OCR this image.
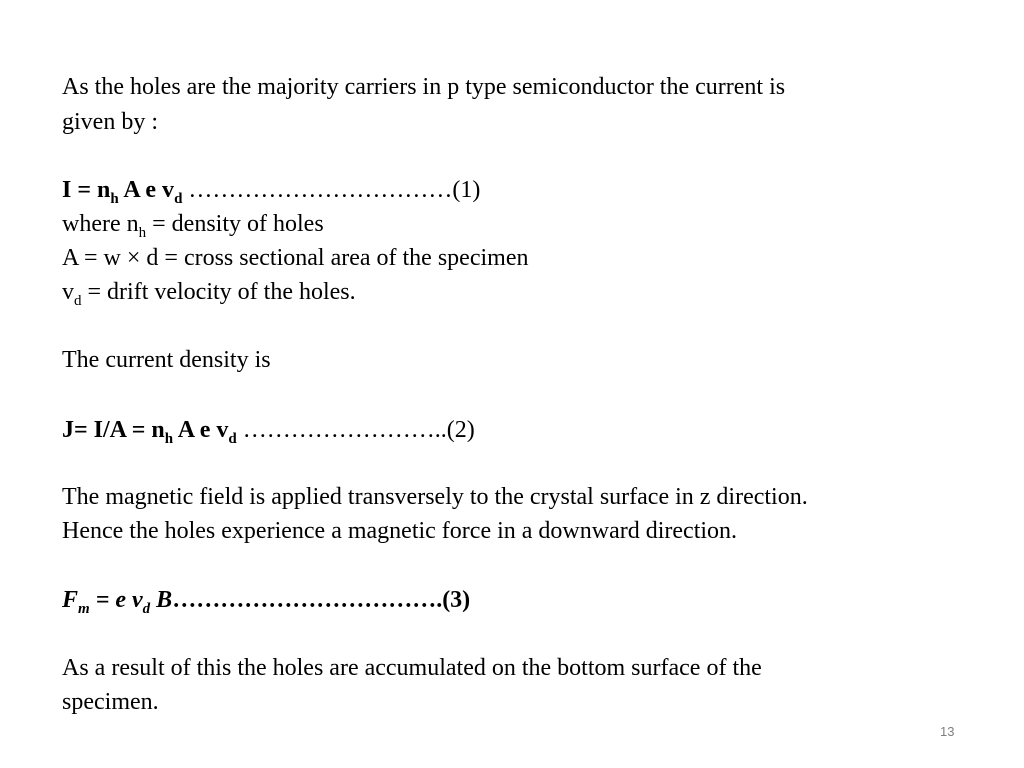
As the holes are the majority carriers in p type semiconductor the current is
given by :
$I = n_h$ A e $v_d$ ……………………………(1)
where $n_h$ = density of holes
A = w × d = cross sectional area of the specimen
$v_d$ = drift velocity of the holes.
The current density is
$J= I/A = n_h$ A e $v_d$ ……………………..(2)
The magnetic field is applied transversely to the crystal surface in z direction.
Hence the holes experience a magnetic force in a downward direction.
$F_m = e$ $v_d$ B…………………………….(3)
As a result of this the holes are accumulated on the bottom surface of the
specimen.
13
